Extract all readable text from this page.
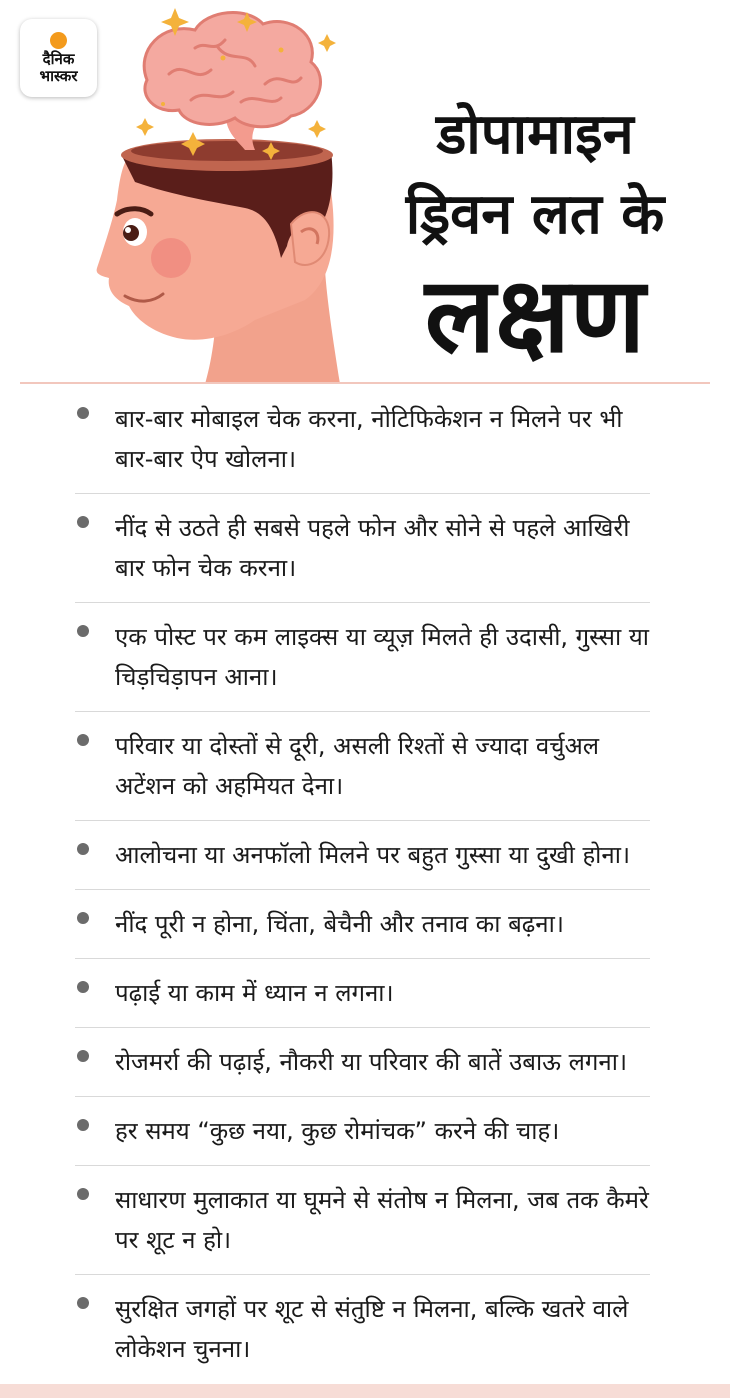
दैनिक
भास्कर
डोपामाइन
ड्रिवन लत के
लक्षण
बार-बार मोबाइल चेक करना, नोटिफिकेशन न मिलने पर भी बार-बार ऐप खोलना।
नींद से उठते ही सबसे पहले फोन और सोने से पहले आखिरी बार फोन चेक करना।
एक पोस्ट पर कम लाइक्स या व्यूज़ मिलते ही उदासी, गुस्सा या चिड़चिड़ापन आना।
परिवार या दोस्तों से दूरी, असली रिश्तों से ज्यादा वर्चुअल अटेंशन को अहमियत देना।
आलोचना या अनफॉलो मिलने पर बहुत गुस्सा या दुखी होना।
नींद पूरी न होना, चिंता, बेचैनी और तनाव का बढ़ना।
पढ़ाई या काम में ध्यान न लगना।
रोजमर्रा की पढ़ाई, नौकरी या परिवार की बातें उबाऊ लगना।
हर समय “कुछ नया, कुछ रोमांचक” करने की चाह।
साधारण मुलाकात या घूमने से संतोष न मिलना, जब तक कैमरे पर शूट न हो।
सुरक्षित जगहों पर शूट से संतुष्टि न मिलना, बल्कि खतरे वाले लोकेशन चुनना।
